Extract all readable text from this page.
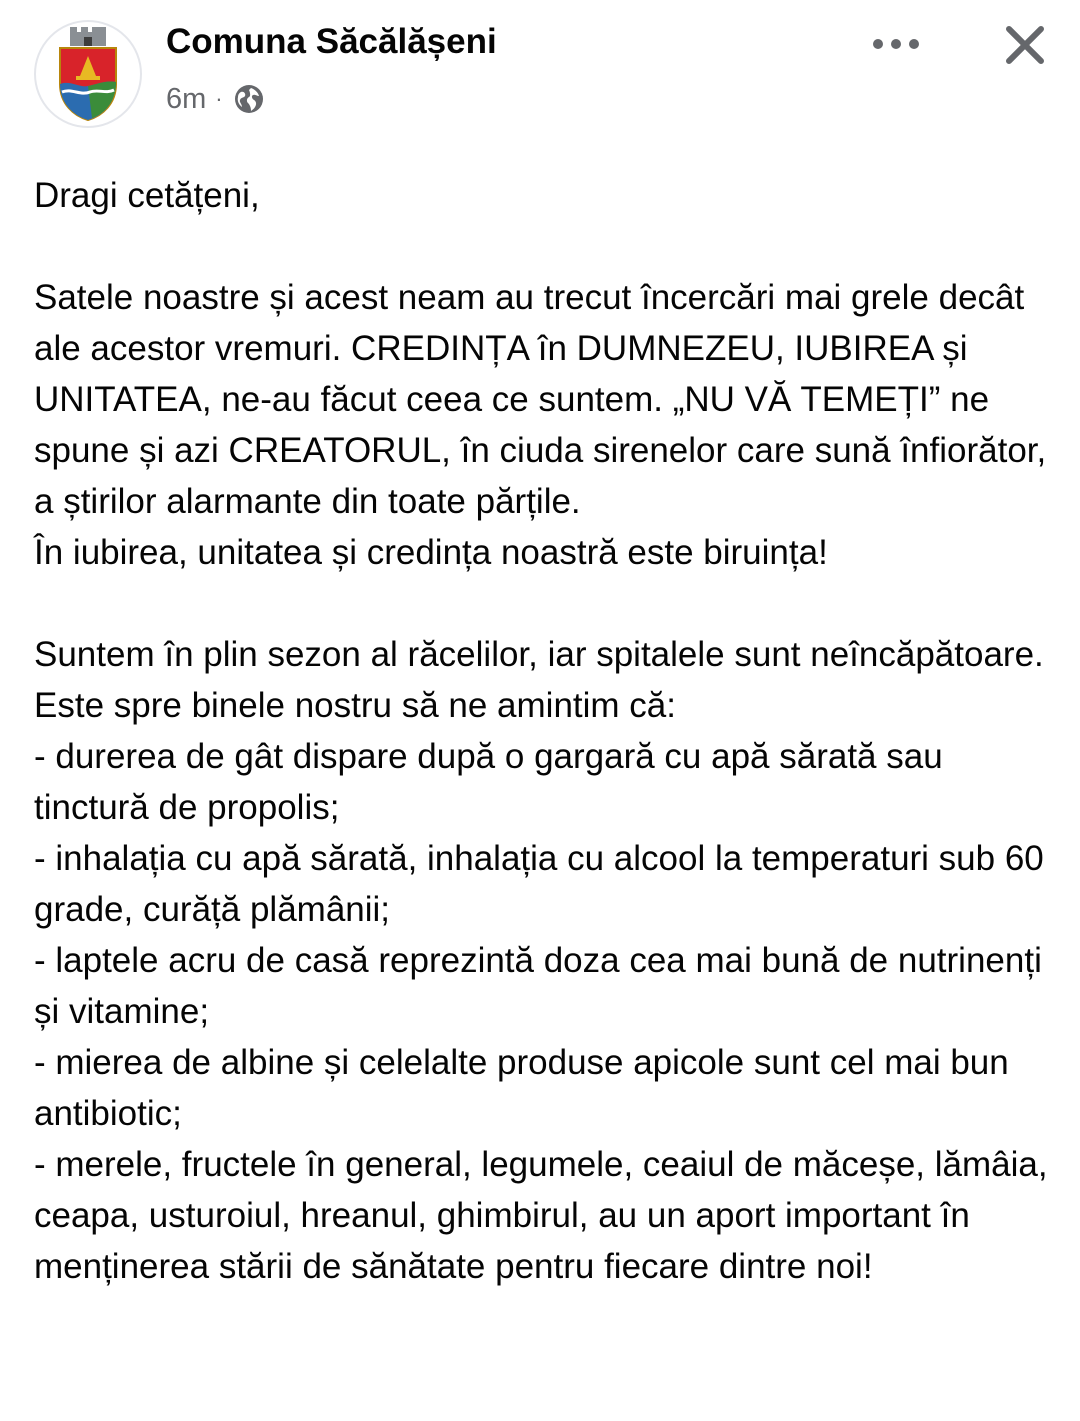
Comuna Săcălășeni
6m ·

Dragi cetățeni,

Satele noastre și acest neam au trecut încercări mai grele decât ale acestor vremuri. CREDINȚA în DUMNEZEU, IUBIREA și UNITATEA, ne-au făcut ceea ce suntem. „NU VĂ TEMEȚI” ne spune și azi CREATORUL, în ciuda sirenelor care sună înfiorător, a știrilor alarmante din toate părțile.
În iubirea, unitatea și credința noastră este biruința!

Suntem în plin sezon al răcelilor, iar spitalele sunt neîncăpătoare. Este spre binele nostru să ne amintim că:
- durerea de gât dispare după o gargară cu apă sărată sau tinctură de propolis;
- inhalația cu apă sărată, inhalația cu alcool la temperaturi sub 60 grade, curăță plămânii;
- laptele acru de casă reprezintă doza cea mai bună de nutrinenți și vitamine;
- mierea de albine și celelalte produse apicole sunt cel mai bun antibiotic;
- merele, fructele în general, legumele, ceaiul de măceșe, lămâia, ceapa, usturoiul, hreanul, ghimbirul, au un aport important în menținerea stării de sănătate pentru fiecare dintre noi!
